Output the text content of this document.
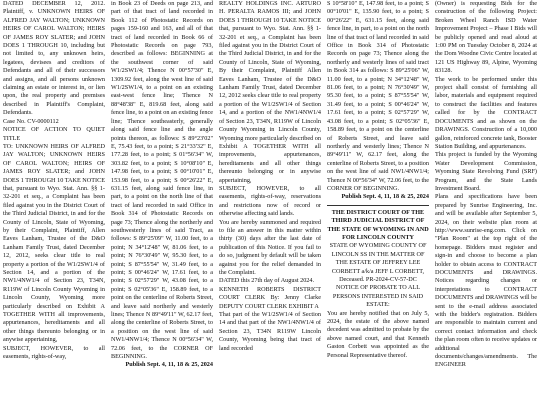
DATED DECEMBER 12, 2012. Plaintiff, v. UNKNOWN HEIRS OF ALFRED JAY WALTON; UNKNOWN HEIRS OF CAROL WALTON; HEIRS OF JAMES ROY SLATER; and JOHN DOES 1 THROUGH 10, including but not limited to, any unknown heirs, legatees, devisees and creditors of Defendants and all of their successors and assigns, and all persons unknown claiming an estate or interest in, or lien upon, the real property and premises described in Plaintiff's Complaint, Defendants.

Case No. CV-0000112

NOTICE OF ACTION TO QUIET TITLE

TO: UNKNOWN HEIRS OF ALFRED JAY WALTON; UNKNOWN HEIRS OF CAROL WALTON; HEIRS OF JAMES ROY SLATER; and JOHN DOES 1 THROUGH 10 TAKE NOTICE that, pursuant to Wyo. Stat. Ann. §§ 1-32-201 et seq., a Complaint has been filed against you in the District Court of the Third Judicial District, in and for the County of Lincoln, State of Wyoming, by their Complaint, Plaintiff, Allen Eaves Lanham, Trustee of the D&O Lanham Family Trust, dated December 12, 2012, seeks clear title to real property a portion of the W1/2SW1/4 of Section 14, and a portion of the NW1/4NW1/4 of Section 23, T34N, R119W of Lincoln County Wyoming in Lincoln County, Wyoming more particularly described on Exhibit A TOGETHER WITH all improvements, appurtenances, hereditaments and all other things thereunto belonging or in anywise appertaining,

SUBJECT, HOWEVER, to all easements, rights-of-way,

in Book 23 of Deeds on page 213, and part of that tract of land recorded in Book 112 of Photostatic Records on pages 159-160 and 163, and all of that tract of land recorded in Book 66 of Photostatic Records on page 793, described as follows: BEGINNING at the southwest corner of said W1/2SW1/4; Thence N 00°57'30" E, 1309.92 feet, along the west line of said W1/2SW1/4, to a point on an existing east-west fence line; Thence N 88°48'38" E, 819.68 feet, along said fence line, to a point on an existing fence line; Thence southeasterly, generally along said fence line and the angle points thereon, as follows: S 89°23'02" E, 75.43 feet, to a point; S 21°33'32" E, 177.28 feet, to a point; S 01°56'34" W, 303.82 feet, to a point; S 10°08'10" E, 147.98 feet, to a point; S 00°10'01" E, 153.98 feet, to a point; S 00°26'22" E, 631.15 feet, along said fence line, in part, to a point on the north line of that tract of land recorded in said Office in Book 314 of Photostatic Records on page 73; Thence along the northerly and southwesterly lines of said Tract, as follows: S 89°25'09" W, 11.00 feet, to a point; N 34°12'48" W, 81.06 feet, to a point; N 76°30'49" W, 95.30 feet, to a point; S 87°55'54" W, 31.49 feet, to a point; S 00°46'24" W, 17.61 feet, to a point; S 02°57'29" W, 43.08 feet, to a point; S 02°05'36" E, 158.89 feet, to a point on the centerline of Roberts Street, and leave said northerly and westerly lines; Thence N 89°49'11" W, 62.17 feet, along the centerline of Roberts Street, to a position on the west line of said NW1/4NW1/4; Thence N 00°56'34" W, 72.06 feet, to the CORNER OF BEGINNING.

Publish Sept. 4, 11, 18 & 25, 2024

REALTY HOLDINGS INC. ARTURO H. PERALTA RAMOS III; and JOHN DOES 1 THROUGH 10 TAKE NOTICE that, pursuant to Wyo. Stat. Ann. §§ 1-32-201 et seq., a Complaint has been filed against you in the District Court of the Third Judicial District, in and for the County of Lincoln, State of Wyoming, By their Complaint, Plaintiff Allen Eaves Lanham, Trustee of the D&O Lanham Family Trust, dated December 12, 2012 seeks clear title to real property a portion of the W1/2SW1/4 of Section 14, and a portion of the NW1/4NW1/4 of Section 23, T34N, R119W of Lincoln County Wyoming in Lincoln County, Wyoming more particularly described on Exhibit A TOGETHER WITH all improvements, appurtenances, hereditaments and all other things thereunto belonging or in anywise appertaining,

SUBJECT, HOWEVER, to all easements, rights-of-way, reservations and restrictions now of record or otherwise affecting said lands.

You are hereby summoned and required to file an answer in this matter within thirty (30) days after the last date of publication of this Notice. If you fail to do so, judgment by default will be taken against you for the relief demanded in the Complaint.

DATED this 27th day of August 2024.

KENNETH ROBERTS DISTRICT COURT CLERK By: Jenny Clarke DEPUTY COURT CLERK EXHIBIT A

That part of the W1/2SW1/4 of Section 14 and that part of the NW1/4NW1/4 of Section 23, T34N R119W Lincoln County, Wyoming being that tract of land recorded

S 10°58'10" E, 147.98 feet, to a point; S 00°10'01" E, 135.90 feet, to a point; S 00°26'22" E, 631.15 feet, along said fence line, in part, to a point on the north line of that tract of land recorded in said Office in Book 314 of Photostatic Records on page 73; Thence along the northerly and westerly lines of said tract in Book 314 as follows: S 89°25'06" W, 11.00 feet, to a point; N 34°12'48" W, 81.06 feet, to a point; N 76°30'49" W, 95.30 feet, to a point; S 87°55'54" W, 31.49 feet, to a point; S 00°46'24" W, 17.61 feet, to a point; S 02°57'29" W, 43.08 feet, to a point; S 02°05'36" E, 158.89 feet, to a point on the centerline of Roberts Street, and leave said northerly and westerly lines; Thence N 89°49'11" W, 62.17 feet, along the centerline of Roberts Street, to a position on the west line of said NW1/4NW1/4; Thence N 00°56'34" W, 72.06 feet, to the CORNER OF BEGINNING.

Publish Sept. 4, 11, 18 & 25, 2024

THE DISTRICT COURT OF THE THIRD JUDICIAL DISTRICT OF THE STATE OF WYOMING IN AND FOR LINCOLN COUNTY

STATE OF WYOMING COUNTY OF LINCOLN SS IN THE MATTER OF THE ESTATE OF JEFFREY LEE CORBETT a/k/a JEFF L CORBETT, Deceased. PR-2024-CV-57-DC NOTICE OF PROBATE TO ALL PERSONS INTERESTED IN SAID ESTATE:

You are hereby notified that on July 5, 2024, the estate of the above named decedent was admitted to probate by the above named court, and that Kenneth Gaston Corbett was appointed as the Personal Representative thereof.

(Owner) is requesting Bids for the construction of the following Project: Broken Wheel Ranch ISD Water Improvement Project – Phase I Bids will be publicly opened and read aloud at 1:00 PM on Tuesday October 8, 2024 at the Dom Woodne Civic Centre located at 121 US Highway 89, Alpine, Wyoming 83128.

The work to be performed under this project shall consist of furnishing all labor, materials and equipment required to construct the facilities and features called for by the CONTRACT DOCUMENTS and as shown on the DRAWINGS. Construction of a 10,000 gallon, reinforced concrete tank, Booster Station Building, and appurtenances.

This project is funded by the Wyoming Water Development Commission, Wyoming State Revolving Fund (SRF) Program, and the State Lands Investment Board.

Plans and specifications have been prepared by Sunrise Engineering, Inc. and will be available after September 5, 2024, on their website plan room at http://www.sunrise-eng.com. Click on "Plan Room" at the top right of the homepage. Bidders must register and sign-in and choose to become a plan holder to obtain access to CONTRACT DOCUMENTS and DRAWINGS. Notices regarding changes or interpretations to CONTRACT DOCUMENTS and DRAWINGS will be sent to the e-mail address associated with the bidder's registration. Bidders are responsible to maintain current and correct contact information and check the plan room often to receive updates or additional documents/changes/amendments. The ENGINEER
